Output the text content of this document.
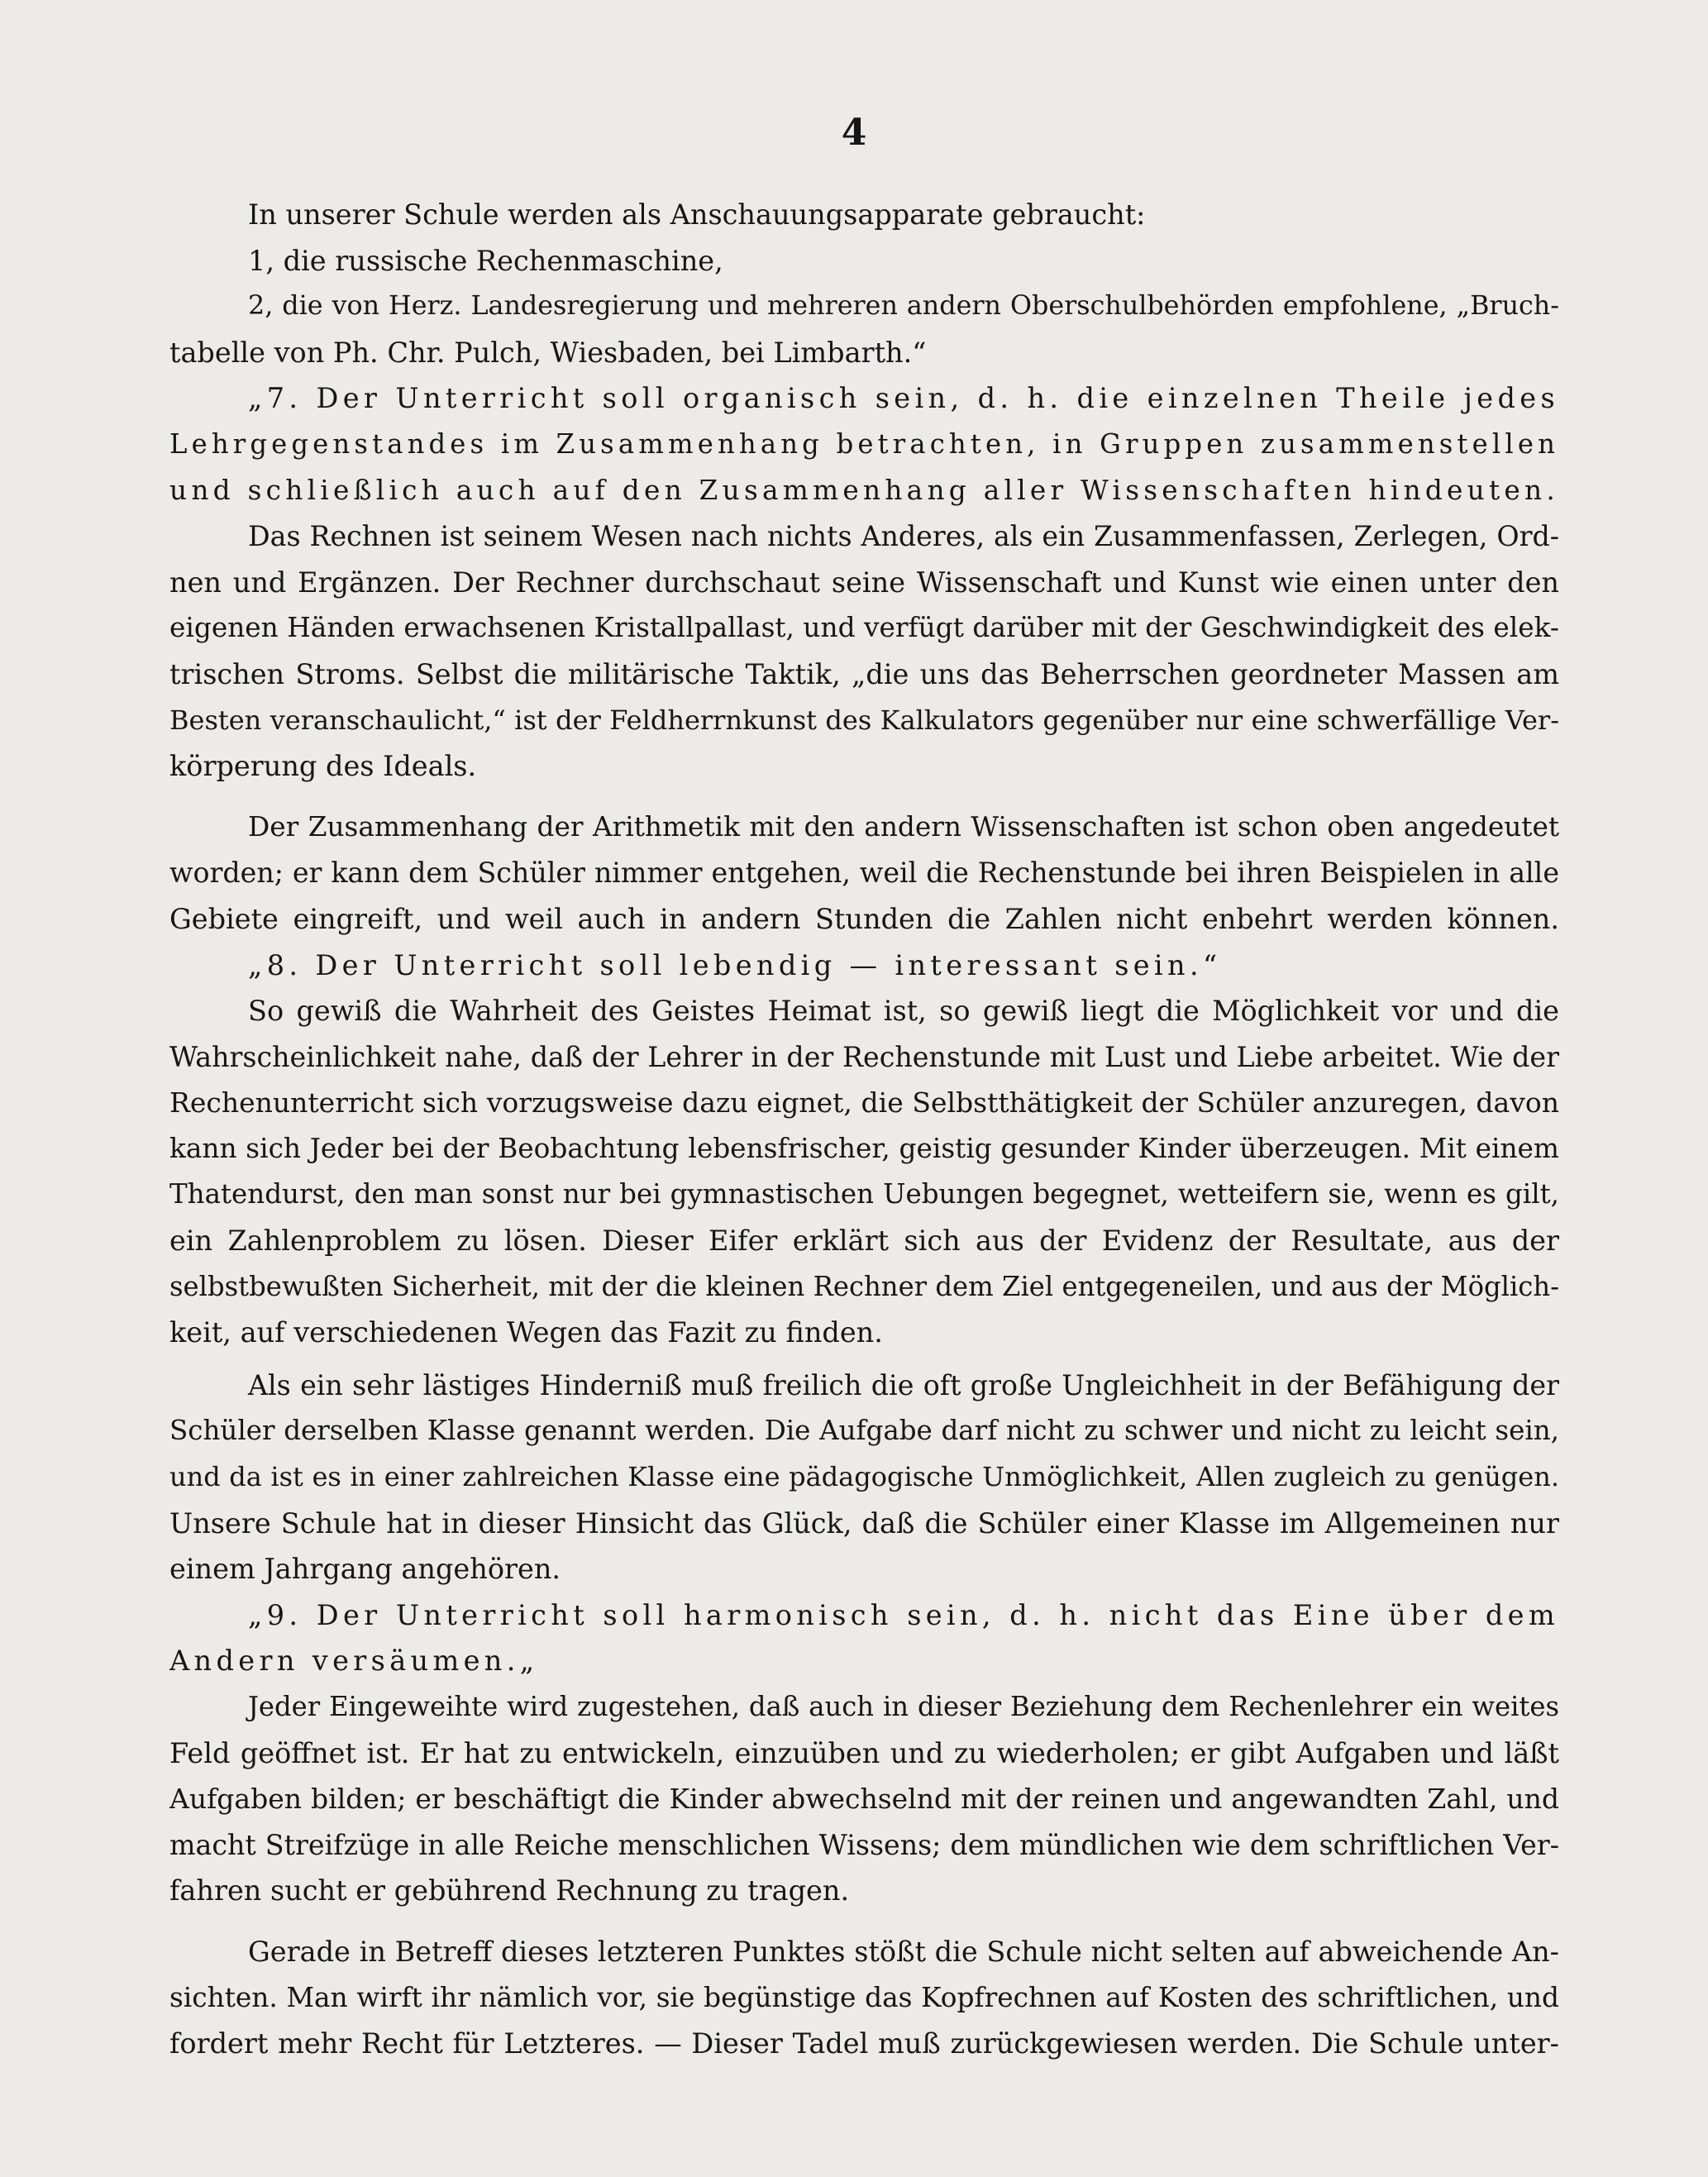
4
In unserer Schule werden als Anschauungsapparate gebraucht:
1, die russische Rechenmaschine,
2, die von Herz. Landesregierung und mehreren andern Oberschulbehörden empfohlene, „Bruch-
tabelle von Ph. Chr. Pulch, Wiesbaden, bei Limbarth.“
„7. Der Unterricht soll organisch sein, d. h. die einzelnen Theile jedes
Lehrgegenstandes im Zusammenhang betrachten, in Gruppen zusammenstellen
und schließlich auch auf den Zusammenhang aller Wissenschaften hindeuten.
Das Rechnen ist seinem Wesen nach nichts Anderes, als ein Zusammenfassen, Zerlegen, Ord-
nen und Ergänzen. Der Rechner durchschaut seine Wissenschaft und Kunst wie einen unter den
eigenen Händen erwachsenen Kristallpallast, und verfügt darüber mit der Geschwindigkeit des elek-
trischen Stroms. Selbst die militärische Taktik, „die uns das Beherrschen geordneter Massen am
Besten veranschaulicht,“ ist der Feldherrnkunst des Kalkulators gegenüber nur eine schwerfällige Ver-
körperung des Ideals.
Der Zusammenhang der Arithmetik mit den andern Wissenschaften ist schon oben angedeutet
worden; er kann dem Schüler nimmer entgehen, weil die Rechenstunde bei ihren Beispielen in alle
Gebiete eingreift, und weil auch in andern Stunden die Zahlen nicht enbehrt werden können.
„8. Der Unterricht soll lebendig — interessant sein.“
So gewiß die Wahrheit des Geistes Heimat ist, so gewiß liegt die Möglichkeit vor und die
Wahrscheinlichkeit nahe, daß der Lehrer in der Rechenstunde mit Lust und Liebe arbeitet. Wie der
Rechenunterricht sich vorzugsweise dazu eignet, die Selbstthätigkeit der Schüler anzuregen, davon
kann sich Jeder bei der Beobachtung lebensfrischer, geistig gesunder Kinder überzeugen. Mit einem
Thatendurst, den man sonst nur bei gymnastischen Uebungen begegnet, wetteifern sie, wenn es gilt,
ein Zahlenproblem zu lösen. Dieser Eifer erklärt sich aus der Evidenz der Resultate, aus der
selbstbewußten Sicherheit, mit der die kleinen Rechner dem Ziel entgegeneilen, und aus der Möglich-
keit, auf verschiedenen Wegen das Fazit zu finden.
Als ein sehr lästiges Hinderniß muß freilich die oft große Ungleichheit in der Befähigung der
Schüler derselben Klasse genannt werden. Die Aufgabe darf nicht zu schwer und nicht zu leicht sein,
und da ist es in einer zahlreichen Klasse eine pädagogische Unmöglichkeit, Allen zugleich zu genügen.
Unsere Schule hat in dieser Hinsicht das Glück, daß die Schüler einer Klasse im Allgemeinen nur
einem Jahrgang angehören.
„9. Der Unterricht soll harmonisch sein, d. h. nicht das Eine über dem
Andern versäumen.„
Jeder Eingeweihte wird zugestehen, daß auch in dieser Beziehung dem Rechenlehrer ein weites
Feld geöffnet ist. Er hat zu entwickeln, einzuüben und zu wiederholen; er gibt Aufgaben und läßt
Aufgaben bilden; er beschäftigt die Kinder abwechselnd mit der reinen und angewandten Zahl, und
macht Streifzüge in alle Reiche menschlichen Wissens; dem mündlichen wie dem schriftlichen Ver-
fahren sucht er gebührend Rechnung zu tragen.
Gerade in Betreff dieses letzteren Punktes stößt die Schule nicht selten auf abweichende An-
sichten. Man wirft ihr nämlich vor, sie begünstige das Kopfrechnen auf Kosten des schriftlichen, und
fordert mehr Recht für Letzteres. — Dieser Tadel muß zurückgewiesen werden. Die Schule unter-
